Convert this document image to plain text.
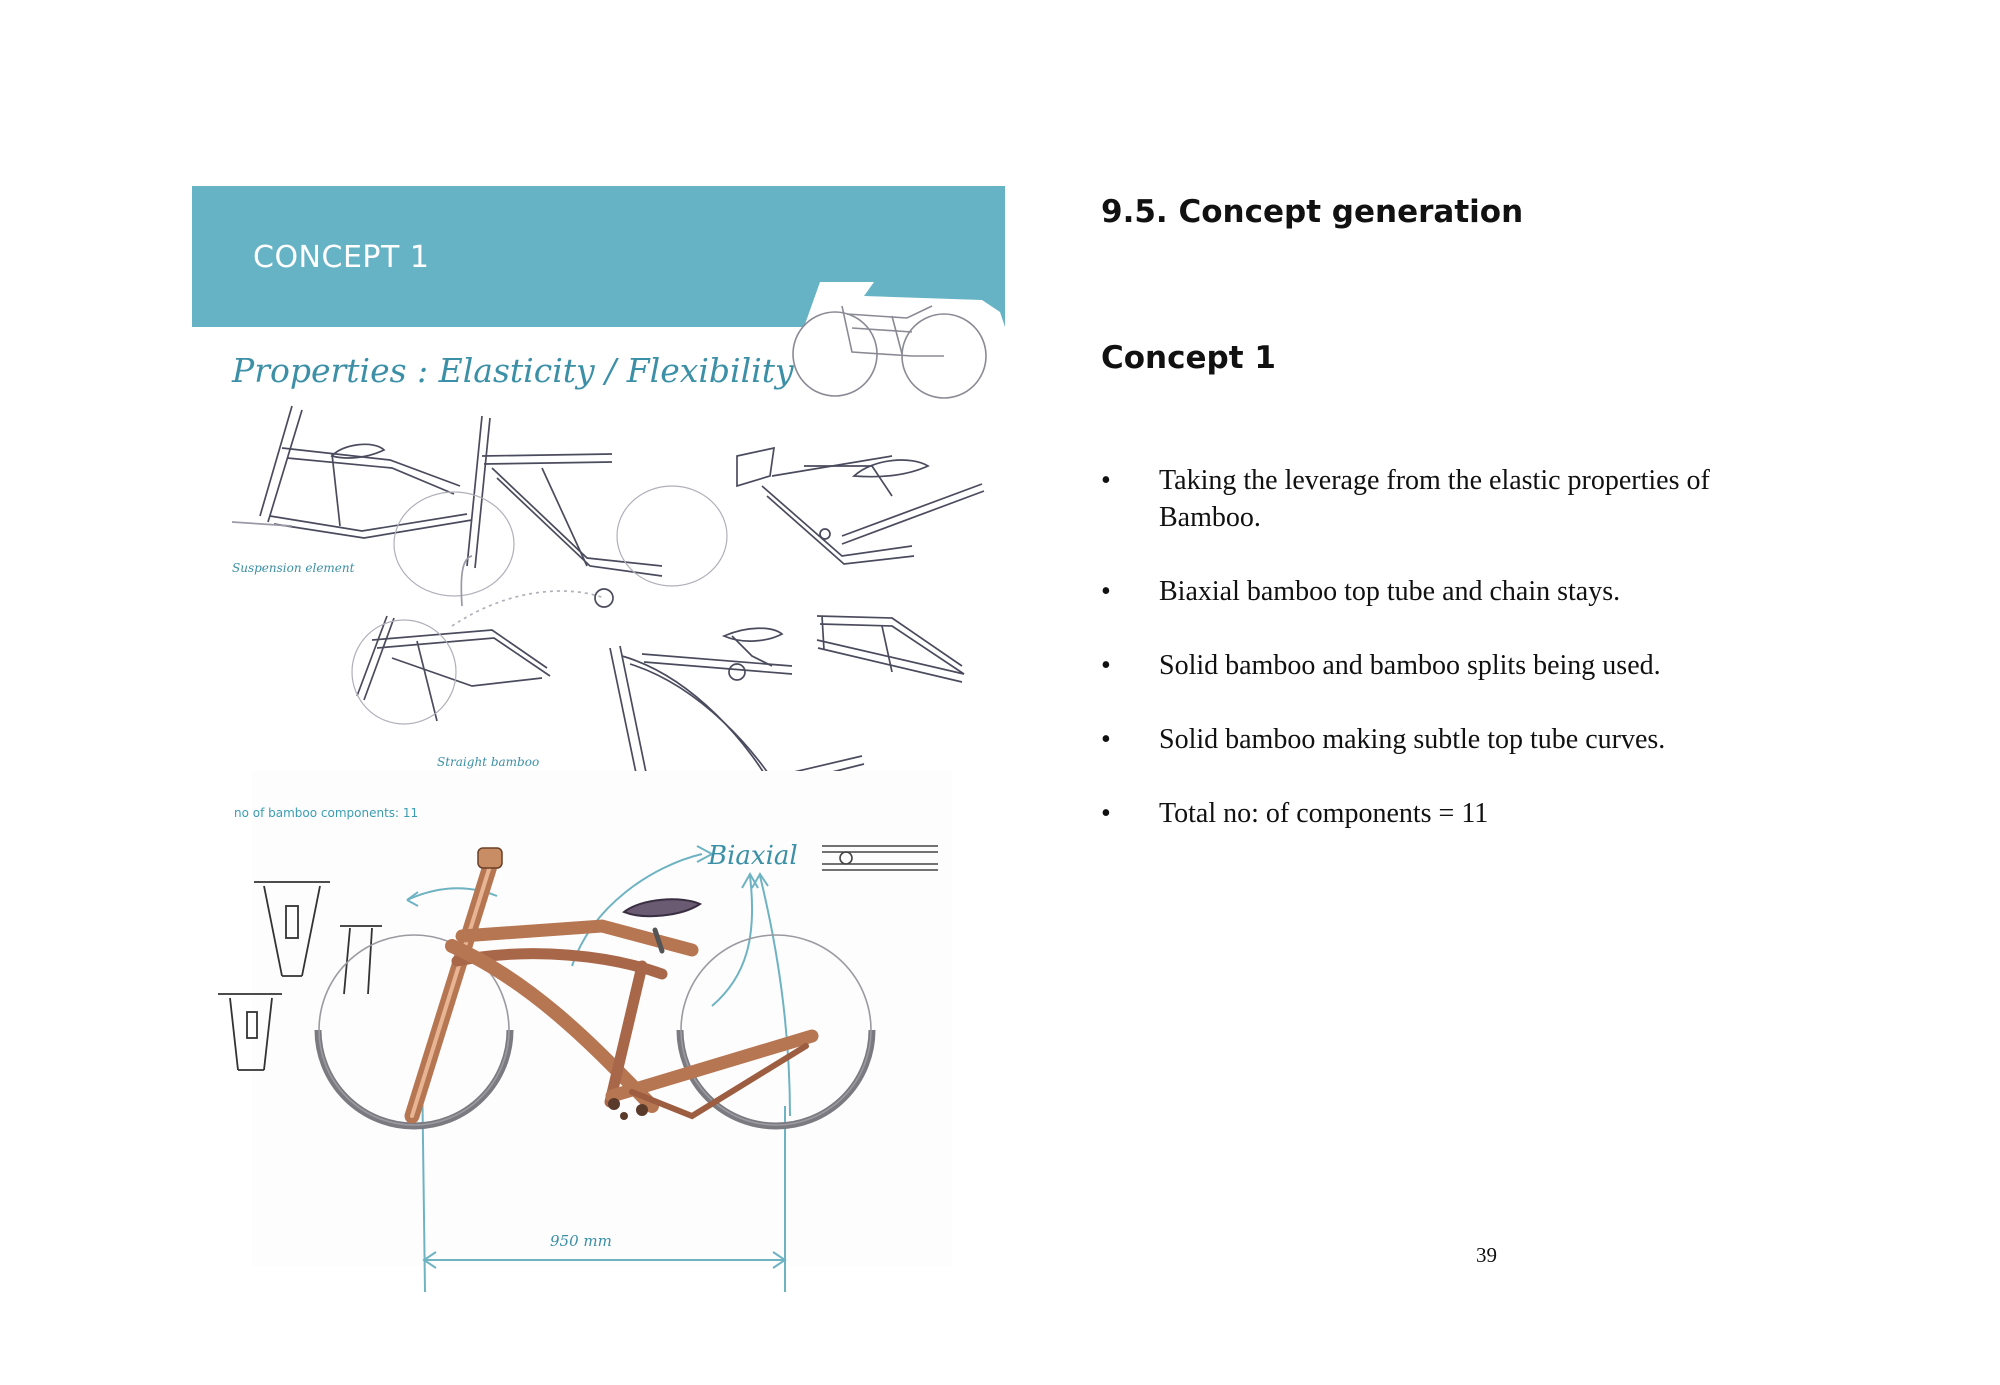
CONCEPT 1
Properties : Elasticity / Flexibility
Suspension element
Straight bamboo
no of bamboo components: 11
Biaxial
950 mm
9.5. Concept generation
Concept 1
• Taking the leverage from the elastic properties of Bamboo.
• Biaxial bamboo top tube and chain stays.
• Solid bamboo and bamboo splits being used.
• Solid bamboo making subtle top tube curves.
• Total no: of components = 11
39
